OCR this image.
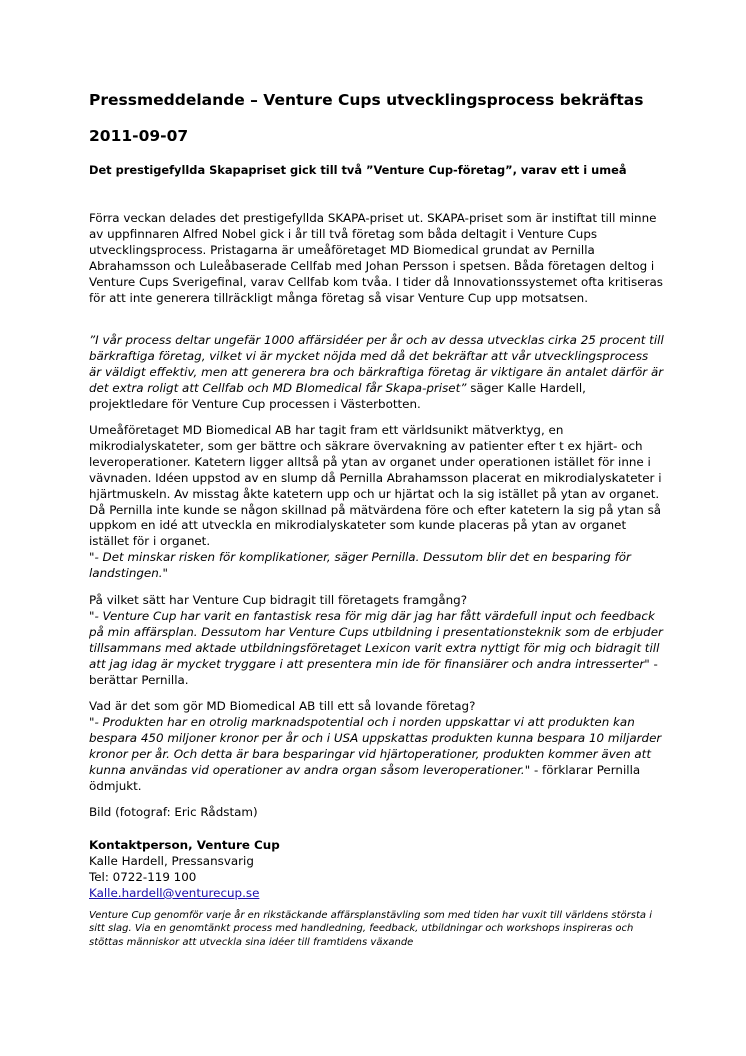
Pressmeddelande – Venture Cups utvecklingsprocess bekräftas
2011-09-07
Det prestigefyllda Skapapriset gick till två ”Venture Cup-företag”, varav ett i umeå

Förra veckan delades det prestigefyllda SKAPA-priset ut. SKAPA-priset som är instiftat till minne av uppfinnaren Alfred Nobel gick i år till två företag som båda deltagit i Venture Cups utvecklingsprocess. Pristagarna är umeåföretaget MD Biomedical grundat av Pernilla Abrahamsson och Luleåbaserade Cellfab med Johan Persson i spetsen. Båda företagen deltog i Venture Cups Sverigefinal, varav Cellfab kom tvåa. I tider då Innovationssystemet ofta kritiseras för att inte generera tillräckligt många företag så visar Venture Cup upp motsatsen.

”I vår process deltar ungefär 1000 affärsidéer per år och av dessa utvecklas cirka 25 procent till bärkraftiga företag, vilket vi är mycket nöjda med då det bekräftar att vår utvecklingsprocess är väldigt effektiv, men att generera bra och bärkraftiga företag är viktigare än antalet därför är det extra roligt att Cellfab och MD BIomedical får Skapa-priset” säger Kalle Hardell, projektledare för Venture Cup processen i Västerbotten.

Umeåföretaget MD Biomedical AB har tagit fram ett världsunikt mätverktyg, en mikrodialyskateter, som ger bättre och säkrare övervakning av patienter efter t ex hjärt- och leveroperationer. Katetern ligger alltså på ytan av organet under operationen istället för inne i vävnaden. Idéen uppstod av en slump då Pernilla Abrahamsson placerat en mikrodialyskateter i hjärtmuskeln. Av misstag åkte katetern upp och ur hjärtat och la sig istället på ytan av organet. Då Pernilla inte kunde se någon skillnad på mätvärdena före och efter katetern la sig på ytan så uppkom en idé att utveckla en mikrodialyskateter som kunde placeras på ytan av organet istället för i organet.

"- Det minskar risken för komplikationer, säger Pernilla. Dessutom blir det en besparing för landstingen."

På vilket sätt har Venture Cup bidragit till företagets framgång?

"- Venture Cup har varit en fantastisk resa för mig där jag har fått värdefull input och feedback på min affärsplan. Dessutom har Venture Cups utbildning i presentationsteknik som de erbjuder tillsammans med aktade utbildningsföretaget Lexicon varit extra nyttigt för mig och bidragit till att jag idag är mycket tryggare i att presentera min ide för finansiärer och andra intresserter" - berättar Pernilla.

Vad är det som gör MD Biomedical AB till ett så lovande företag?

"- Produkten har en otrolig marknadspotential och i norden uppskattar vi att produkten kan bespara 450 miljoner kronor per år och i USA uppskattas produkten kunna bespara 10 miljarder kronor per år. Och detta är bara besparingar vid hjärtoperationer, produkten kommer även att kunna användas vid operationer av andra organ såsom leveroperationer." - förklarar Pernilla ödmjukt.

Bild (fotograf: Eric Rådstam)

Kontaktperson, Venture Cup

Kalle Hardell, Pressansvarig

Tel: 0722-119 100

Kalle.hardell@venturecup.se

Venture Cup genomför varje år en rikstäckande affärsplanstävling som med tiden har vuxit till världens största i sitt slag. Via en genomtänkt process med handledning, feedback, utbildningar och workshops inspireras och stöttas människor att utveckla sina idéer till framtidens växande
